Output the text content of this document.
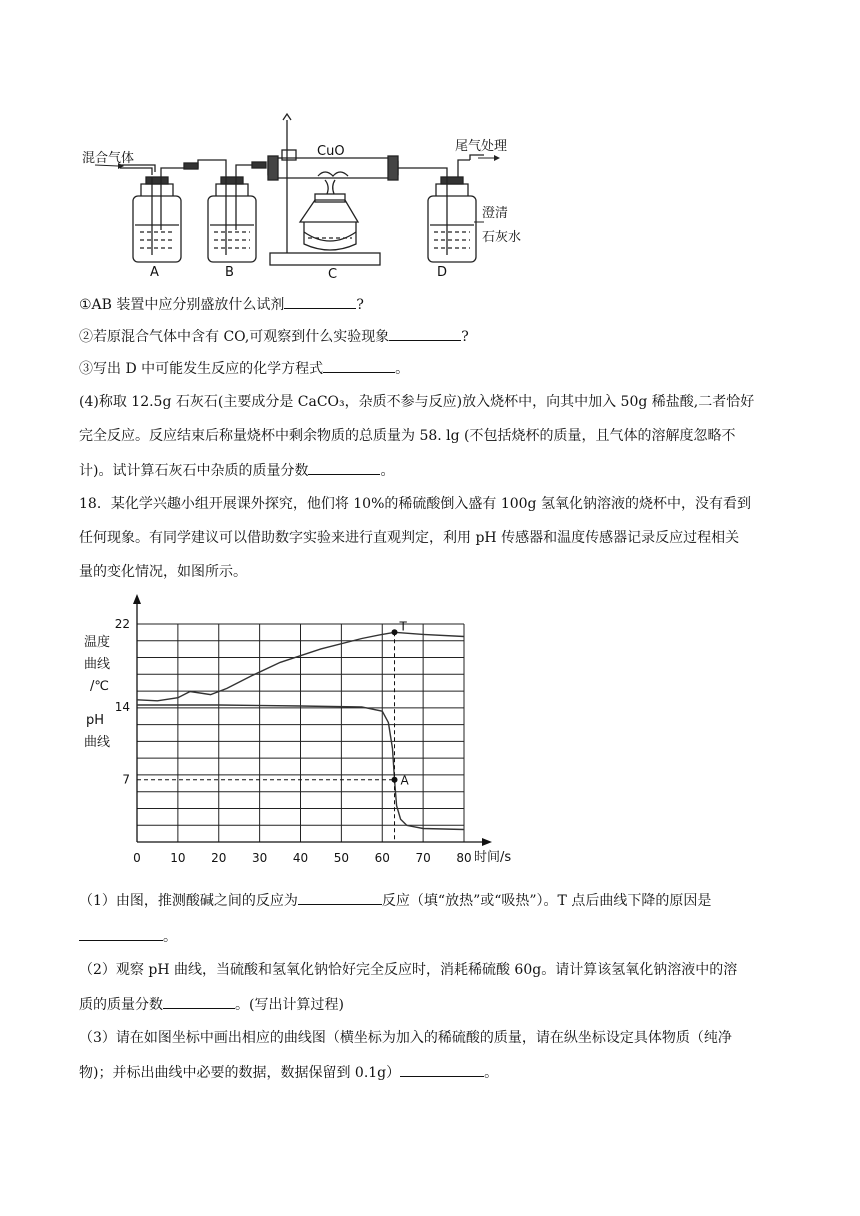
混合气体	CuO	尾气处理
澄清
石灰水
A	B	C	D
①AB 装置中应分别盛放什么试剂	?
②若原混合气体中含有 CO,可观察到什么实验现象	?
③写出 D 中可能发生反应的化学方程式	。
(4)称取 12.5g 石灰石(主要成分是 CaCO₃，杂质不参与反应)放入烧杯中，向其中加入 50g 稀盐酸,二者恰好
完全反应。反应结束后称量烧杯中剩余物质的总质量为 58. lg (不包括烧杯的质量，且气体的溶解度忽略不
计)。试计算石灰石中杂质的质量分数	。
18．某化学兴趣小组开展课外探究，他们将 10%的稀硫酸倒入盛有 100g 氢氧化钠溶液的烧杯中，没有看到
任何现象。有同学建议可以借助数字实验来进行直观判定，利用 pH 传感器和温度传感器记录反应过程相关
量的变化情况，如图所示。
0 10 20 30 40 50 60 70 80
22
14
7
T
A
温度
曲线
/℃
pH
曲线
时间/s
（1）由图，推测酸碱之间的反应为	反应（填“放热”或“吸热”）。T 点后曲线下降的原因是
。
（2）观察 pH 曲线，当硫酸和氢氧化钠恰好完全反应时，消耗稀硫酸 60g。请计算该氢氧化钠溶液中的溶
质的质量分数	。(写出计算过程)
（3）请在如图坐标中画出相应的曲线图（横坐标为加入的稀硫酸的质量，请在纵坐标设定具体物质（纯净
物)；并标出曲线中必要的数据，数据保留到 0.1g）	。
